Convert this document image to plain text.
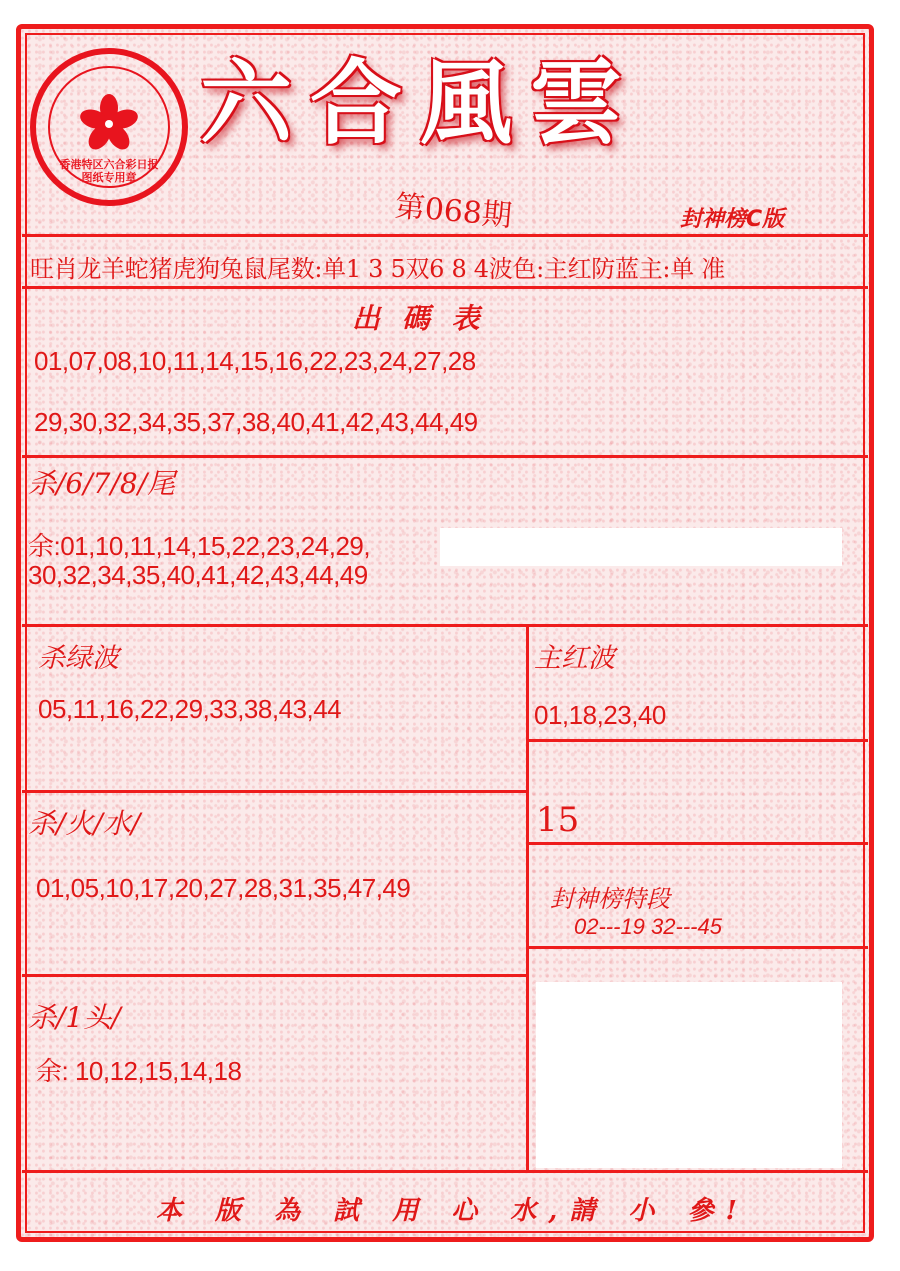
香港特区六合彩日报 图纸专用章
六合風雲
第068期	封神榜C版
旺肖龙羊蛇猪虎狗兔鼠尾数:单1 3 5双6 8 4波色:主红防蓝主:单 准
出 碼 表
01,07,08,10,11,14,15,16,22,23,24,27,28
29,30,32,34,35,37,38,40,41,42,43,44,49
杀/6/7/8/尾
余:01,10,11,14,15,22,23,24,29,
30,32,34,35,40,41,42,43,44,49
杀绿波
05,11,16,22,29,33,38,43,44
主红波
01,18,23,40
15
杀/火/水/
01,05,10,17,20,27,28,31,35,47,49	封神榜特段
02---19 32---45
杀/1头/
余: 10,12,15,14,18
本 版 為 試 用 心 水,請 小 參!
